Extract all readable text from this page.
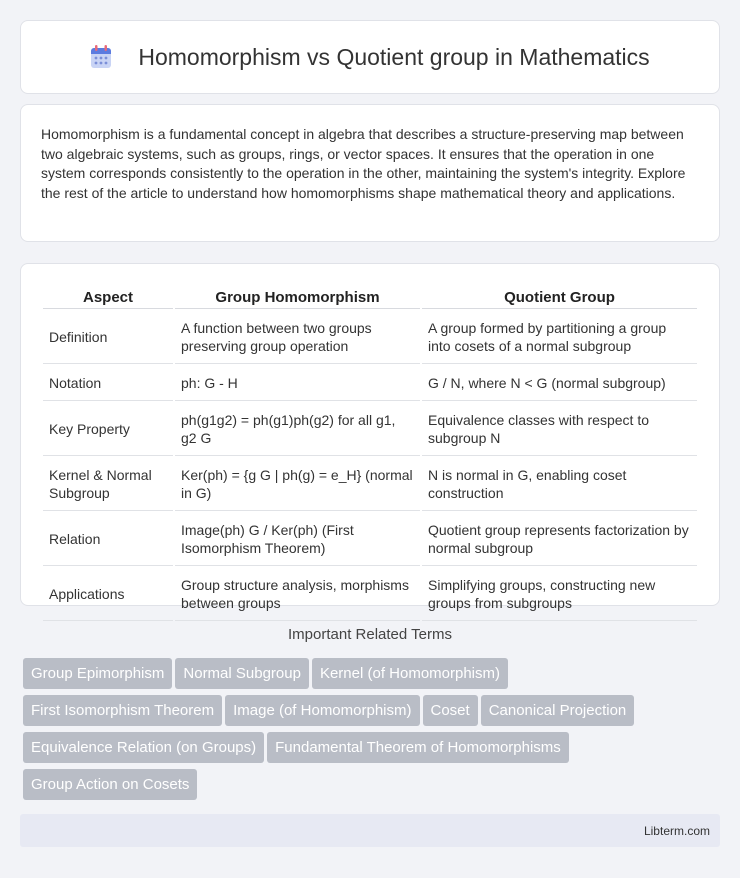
Homomorphism vs Quotient group in Mathematics

Homomorphism is a fundamental concept in algebra that describes a structure-preserving map between two algebraic systems, such as groups, rings, or vector spaces. It ensures that the operation in one system corresponds consistently to the operation in the other, maintaining the system's integrity. Explore the rest of the article to understand how homomorphisms shape mathematical theory and applications.

Aspect	Group Homomorphism	Quotient Group
Definition	A function between two groups preserving group operation	A group formed by partitioning a group into cosets of a normal subgroup
Notation	ph: G - H	G / N, where N < G (normal subgroup)
Key Property	ph(g1g2) = ph(g1)ph(g2) for all g1, g2 G	Equivalence classes with respect to subgroup N
Kernel & Normal Subgroup	Ker(ph) = {g G | ph(g) = e_H} (normal in G)	N is normal in G, enabling coset construction
Relation	Image(ph) G / Ker(ph) (First Isomorphism Theorem)	Quotient group represents factorization by normal subgroup
Applications	Group structure analysis, morphisms between groups	Simplifying groups, constructing new groups from subgroups
Important Related Terms
Group Epimorphism Normal Subgroup Kernel (of Homomorphism)
First Isomorphism Theorem Image (of Homomorphism) Coset Canonical Projection
Equivalence Relation (on Groups) Fundamental Theorem of Homomorphisms
Group Action on Cosets
Libterm.com
